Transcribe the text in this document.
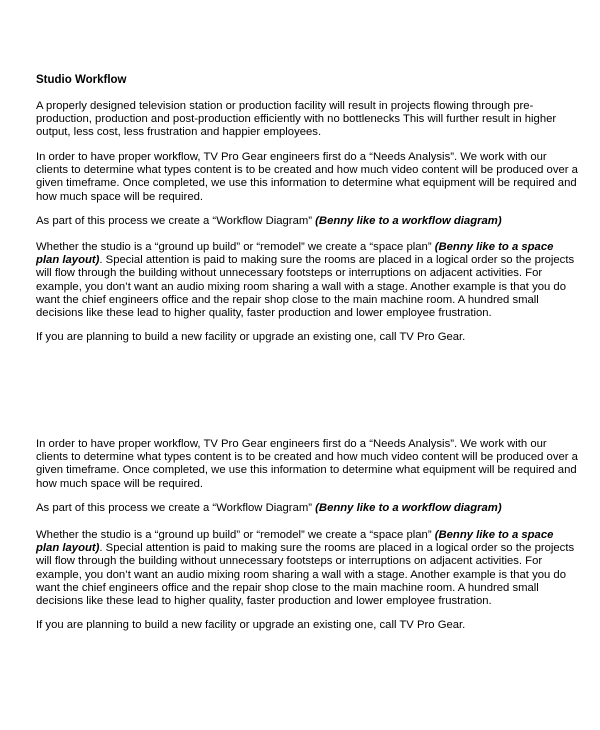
Studio Workflow

A properly designed television station or production facility will result in projects flowing through pre-
production, production and post-production efficiently with no bottlenecks This will further result in higher
output, less cost, less frustration and happier employees.

In order to have proper workflow, TV Pro Gear engineers first do a “Needs Analysis”. We work with our
clients to determine what types content is to be created and how much video content will be produced over a
given timeframe. Once completed, we use this information to determine what equipment will be required and
how much space will be required.

As part of this process we create a “Workflow Diagram” (Benny like to a workflow diagram)

Whether the studio is a “ground up build” or “remodel” we create a “space plan” (Benny like to a space
plan layout). Special attention is paid to making sure the rooms are placed in a logical order so the projects
will flow through the building without unnecessary footsteps or interruptions on adjacent activities. For
example, you don’t want an audio mixing room sharing a wall with a stage. Another example is that you do
want the chief engineers office and the repair shop close to the main machine room. A hundred small
decisions like these lead to higher quality, faster production and lower employee frustration.

If you are planning to build a new facility or upgrade an existing one, call TV Pro Gear.

In order to have proper workflow, TV Pro Gear engineers first do a “Needs Analysis”. We work with our
clients to determine what types content is to be created and how much video content will be produced over a
given timeframe. Once completed, we use this information to determine what equipment will be required and
how much space will be required.

As part of this process we create a “Workflow Diagram” (Benny like to a workflow diagram)

Whether the studio is a “ground up build” or “remodel” we create a “space plan” (Benny like to a space
plan layout). Special attention is paid to making sure the rooms are placed in a logical order so the projects
will flow through the building without unnecessary footsteps or interruptions on adjacent activities. For
example, you don’t want an audio mixing room sharing a wall with a stage. Another example is that you do
want the chief engineers office and the repair shop close to the main machine room. A hundred small
decisions like these lead to higher quality, faster production and lower employee frustration.

If you are planning to build a new facility or upgrade an existing one, call TV Pro Gear.
